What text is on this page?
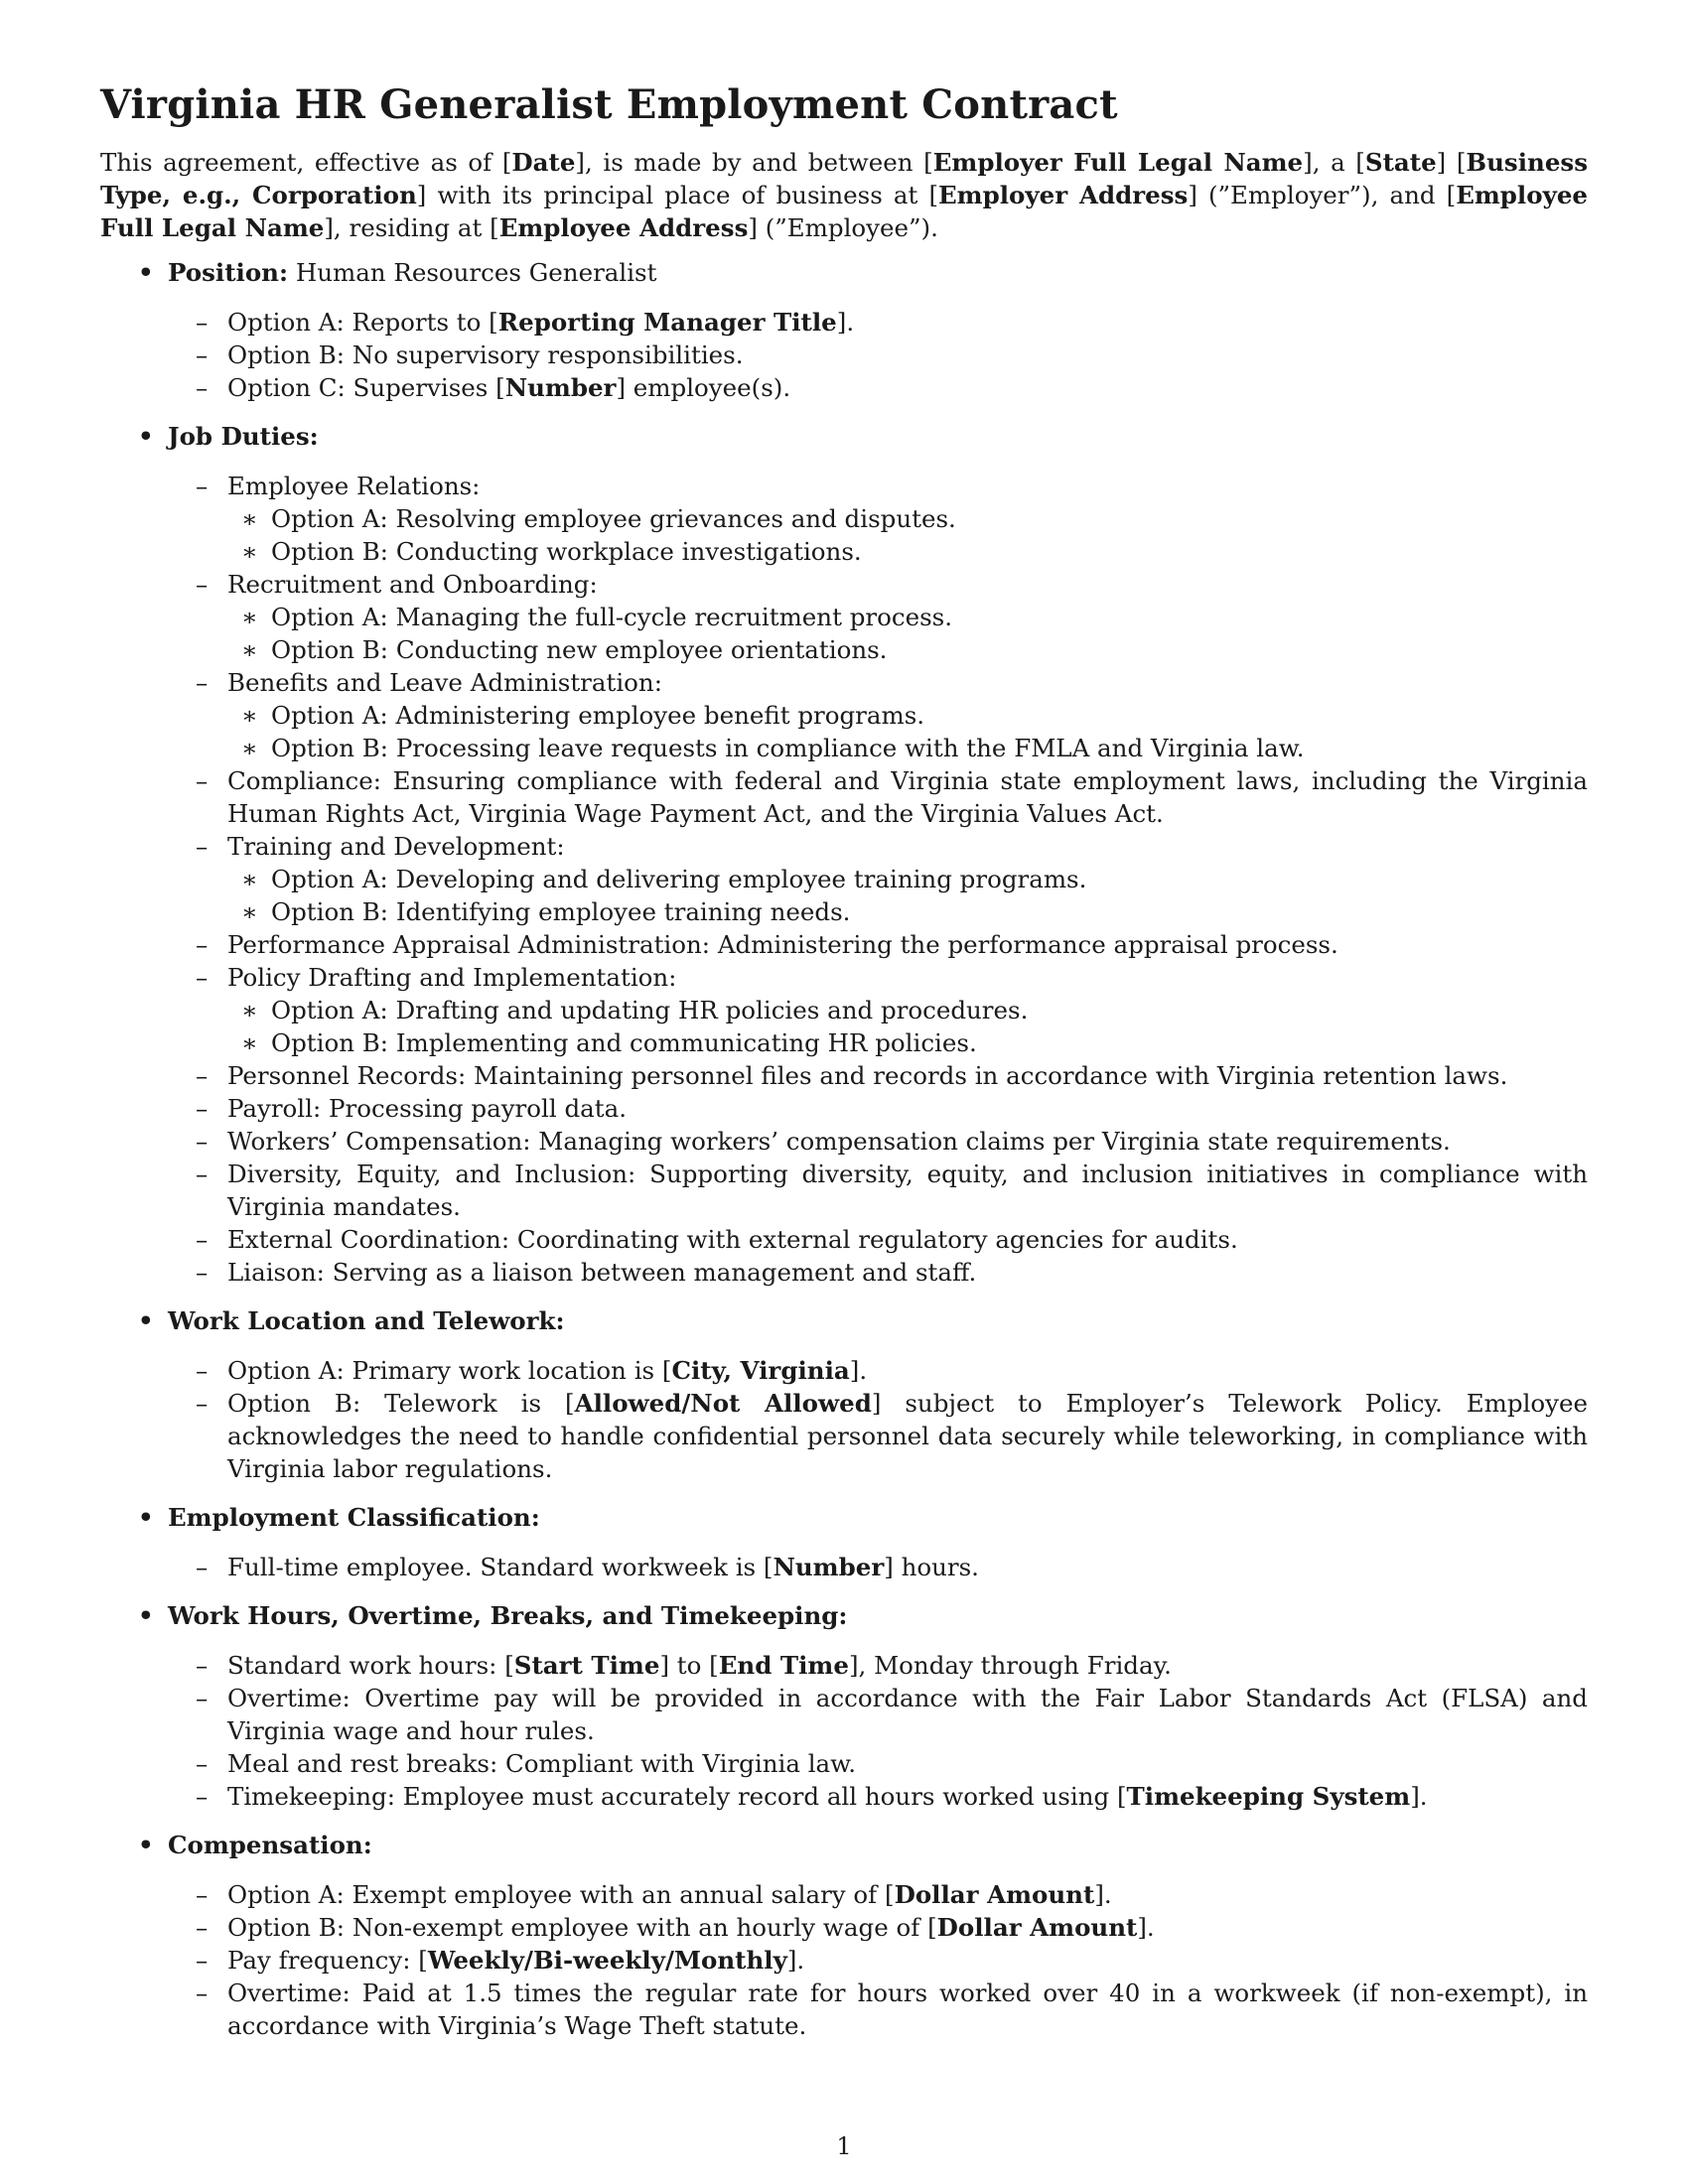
Virginia HR Generalist Employment Contract

This agreement, effective as of [Date], is made by and between [Employer Full Legal Name], a [State] [Business Type, e.g., Corporation] with its principal place of business at [Employer Address] (”Employer”), and [Employee Full Legal Name], residing at [Employee Address] (”Employee”).

• Position: Human Resources Generalist
– Option A: Reports to [Reporting Manager Title].
– Option B: No supervisory responsibilities.
– Option C: Supervises [Number] employee(s).
• Job Duties:
– Employee Relations:
∗ Option A: Resolving employee grievances and disputes.
∗ Option B: Conducting workplace investigations.
– Recruitment and Onboarding:
∗ Option A: Managing the full-cycle recruitment process.
∗ Option B: Conducting new employee orientations.
– Benefits and Leave Administration:
∗ Option A: Administering employee benefit programs.
∗ Option B: Processing leave requests in compliance with the FMLA and Virginia law.
– Compliance: Ensuring compliance with federal and Virginia state employment laws, including the Virginia Human Rights Act, Virginia Wage Payment Act, and the Virginia Values Act.
– Training and Development:
∗ Option A: Developing and delivering employee training programs.
∗ Option B: Identifying employee training needs.
– Performance Appraisal Administration: Administering the performance appraisal process.
– Policy Drafting and Implementation:
∗ Option A: Drafting and updating HR policies and procedures.
∗ Option B: Implementing and communicating HR policies.
– Personnel Records: Maintaining personnel files and records in accordance with Virginia retention laws.
– Payroll: Processing payroll data.
– Workers’ Compensation: Managing workers’ compensation claims per Virginia state requirements.
– Diversity, Equity, and Inclusion: Supporting diversity, equity, and inclusion initiatives in compliance with Virginia mandates.
– External Coordination: Coordinating with external regulatory agencies for audits.
– Liaison: Serving as a liaison between management and staff.
• Work Location and Telework:
– Option A: Primary work location is [City, Virginia].
– Option B: Telework is [Allowed/Not Allowed] subject to Employer’s Telework Policy. Employee acknowledges the need to handle confidential personnel data securely while teleworking, in compliance with Virginia labor regulations.
• Employment Classification:
– Full-time employee. Standard workweek is [Number] hours.
• Work Hours, Overtime, Breaks, and Timekeeping:
– Standard work hours: [Start Time] to [End Time], Monday through Friday.
– Overtime: Overtime pay will be provided in accordance with the Fair Labor Standards Act (FLSA) and Virginia wage and hour rules.
– Meal and rest breaks: Compliant with Virginia law.
– Timekeeping: Employee must accurately record all hours worked using [Timekeeping System].
• Compensation:
– Option A: Exempt employee with an annual salary of [Dollar Amount].
– Option B: Non-exempt employee with an hourly wage of [Dollar Amount].
– Pay frequency: [Weekly/Bi-weekly/Monthly].
– Overtime: Paid at 1.5 times the regular rate for hours worked over 40 in a workweek (if non-exempt), in accordance with Virginia’s Wage Theft statute.
1
